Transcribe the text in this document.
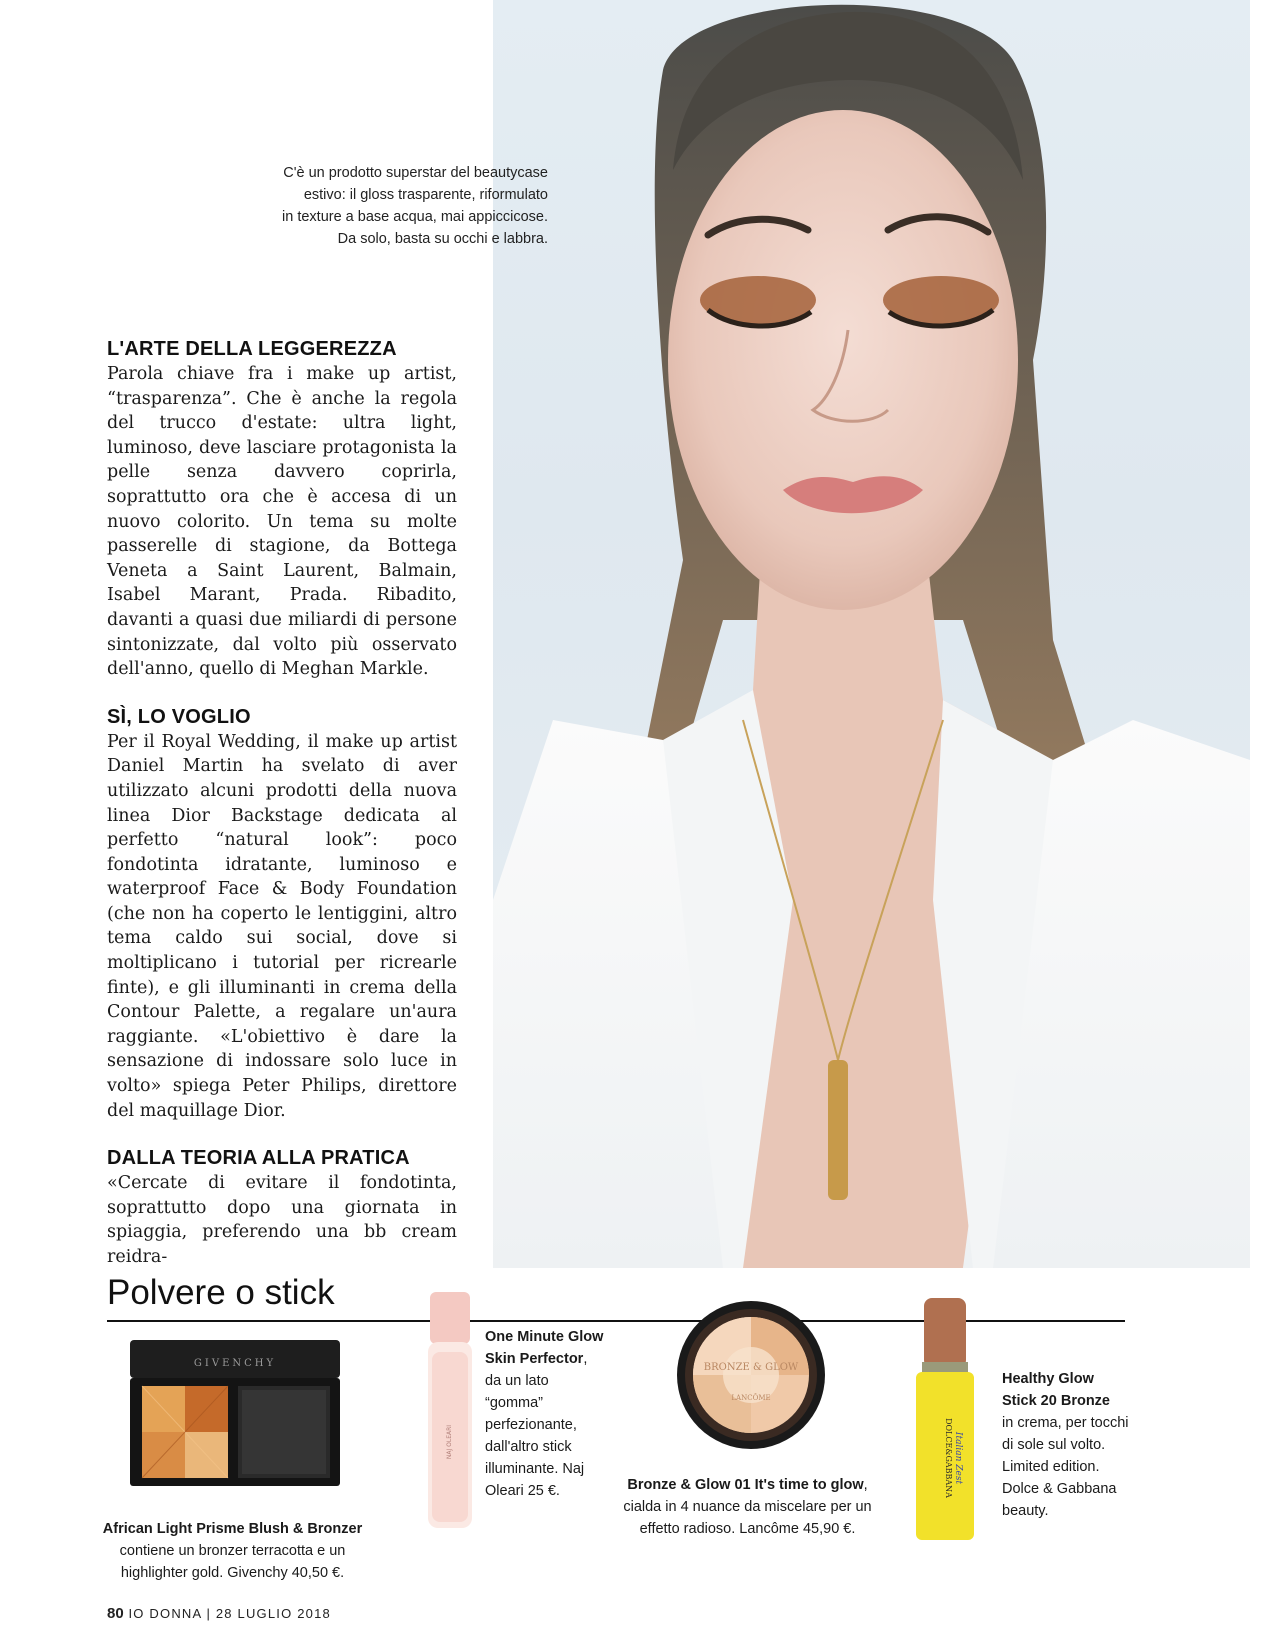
C'è un prodotto superstar del beautycase

estivo: il gloss trasparente, riformulato

in texture a base acqua, mai appiccicose.

Da solo, basta su occhi e labbra.

L'ARTE DELLA LEGGEREZZA

Parola chiave fra i make up artist, “trasparenza”. Che è anche la regola del trucco d'estate: ultra light, luminoso, deve lasciare protagonista la pelle senza davvero coprirla, soprattutto ora che è accesa di un nuovo colorito. Un tema su molte passerelle di stagione, da Bottega Veneta a Saint Laurent, Balmain, Isabel Marant, Prada. Ribadito, davanti a quasi due miliardi di persone sintonizzate, dal volto più osservato dell'anno, quello di Meghan Markle.

SÌ, LO VOGLIO

Per il Royal Wedding, il make up artist Daniel Martin ha svelato di aver utilizzato alcuni prodotti della nuova linea Dior Backstage dedicata al perfetto “natural look”: poco fondotinta idratante, luminoso e waterproof Face & Body Foundation (che non ha coperto le lentiggini, altro tema caldo sui social, dove si moltiplicano i tutorial per ricrearle finte), e gli illuminanti in crema della Contour Palette, a regalare un'aura raggiante. «L'obiettivo è dare la sensazione di indossare solo luce in volto» spiega Peter Philips, direttore del maquillage Dior.

DALLA TEORIA ALLA PRATICA

«Cercate di evitare il fondotinta, soprattutto dopo una giornata in spiaggia, preferendo una bb cream reidra-

Polvere o stick
GIVENCHY
African Light Prisme Blush & Bronzer
contiene un bronzer terracotta e un highlighter gold. Givenchy 40,50 €.
NAJ OLEARI
One Minute Glow Skin Perfector, da un lato “gomma” perfezionante, dall'altro stick illuminante. Naj Oleari 25 €.
BRONZE & GLOW
LANCÔME
Bronze & Glow 01 It's time to glow, cialda in 4 nuance da miscelare per un effetto radioso. Lancôme 45,90 €.
DOLCE&GABBANA Italian Zest
Healthy Glow Stick 20 Bronze
in crema, per tocchi di sole sul volto. Limited edition. Dolce & Gabbana beauty.
80 IO DONNA | 28 LUGLIO 2018
